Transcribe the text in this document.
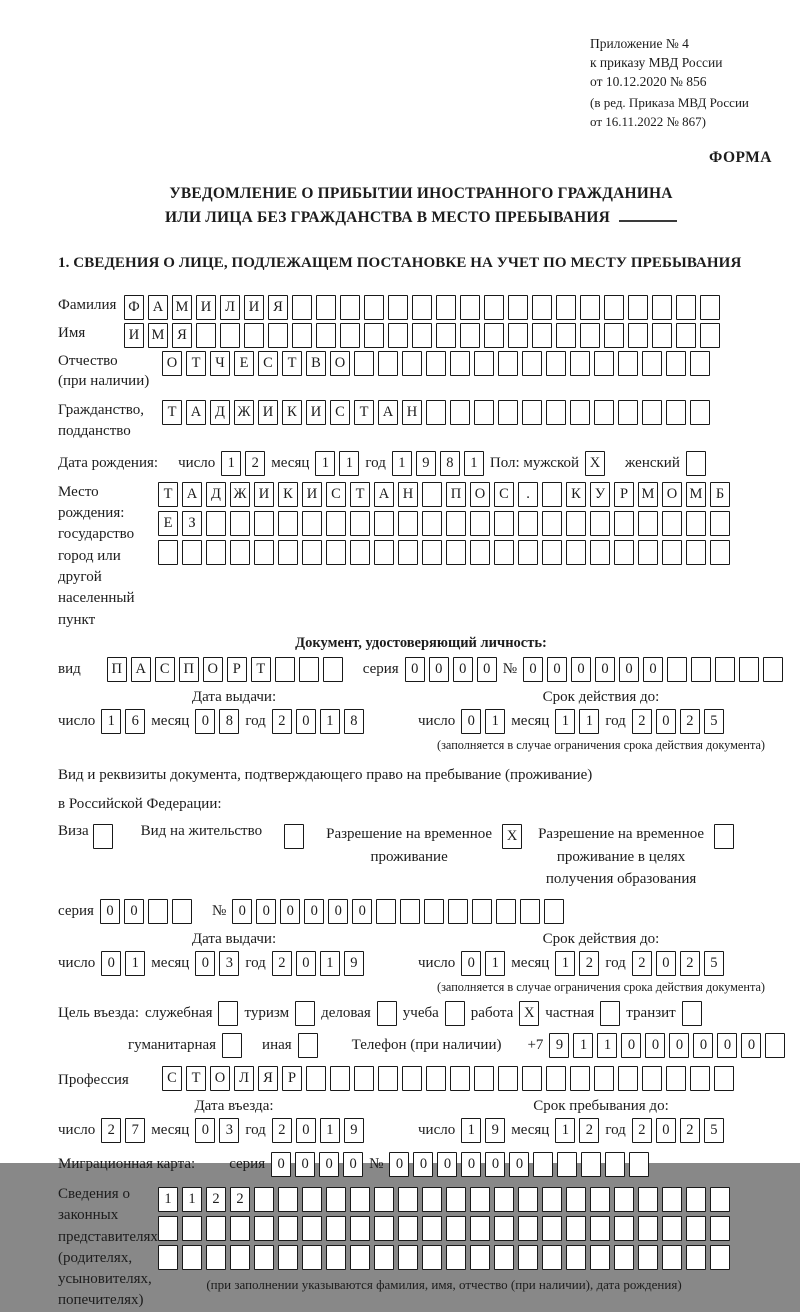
Приложение № 4
к приказу МВД России
от 10.12.2020 № 856
(в ред. Приказа МВД России
от 16.11.2022 № 867)
ФОРМА
УВЕДОМЛЕНИЕ О ПРИБЫТИИ ИНОСТРАННОГО ГРАЖДАНИНА
ИЛИ ЛИЦА БЕЗ ГРАЖДАНСТВА В МЕСТО ПРЕБЫВАНИЯ
1. СВЕДЕНИЯ О ЛИЦЕ, ПОДЛЕЖАЩЕМ ПОСТАНОВКЕ НА УЧЕТ ПО МЕСТУ ПРЕБЫВАНИЯ
Фамилия Ф А М И Л И Я
Имя	И М Я
Отчество
(при наличии)
О Т	Ч	Е	С	Т	В О
Гражданство,
подданство
Т А Д Ж И К И С	Т А Н
Дата рождения: число 1	2 месяц 1	1 год 1	9	8	1 Пол: мужской X	женский
Место рождения:
государство
город или другой
населенный пункт
Т А Д Ж И К И С	Т А Н	П О С	.	К У	Р М О М Б
Е	З
Документ, удостоверяющий личность:
вид	П А С П О	Р	Т	серия 0	0	0	0 № 0	0	0	0	0	0
Дата выдачи:
число 1	6 месяц 0	8 год 2	0	1	8
Срок действия до:
число 0	1 месяц 1	1 год 2	0	2	5
(заполняется в случае ограничения срока действия документа)
Вид и реквизиты документа, подтверждающего право на пребывание (проживание)
в Российской Федерации:
Виза	Вид на жительство	Разрешение на временное
проживание
X	Разрешение на временное
проживание в целях
получения образования
серия 0	0	№ 0	0	0	0	0	0
Дата выдачи:
число 0	1 месяц 0	3 год 2	0	1	9
Срок действия до:
число 0	1 месяц 1	2 год 2	0	2	5
(заполняется в случае ограничения срока действия документа)
Цель въезда: служебная туризм деловая учеба работа X частная транзит
гуманитарная	иная	Телефон (при наличии) +7 9	1	1	0	0	0	0	0	0
Профессия	С	Т О Л Я	Р
Дата въезда:
число 2	7 месяц 0	3 год 2	0	1	9
Срок пребывания до:
число 1	9 месяц 1	2 год 2	0	2	5
Миграционная карта: серия 0	0	0	0 № 0	0	0	0	0	0
Сведения о
законных
представителях
(родителях,
усыновителях,
попечителях)
1	1	2	2
(при заполнении указываются фамилия, имя, отчество (при наличии), дата рождения)
